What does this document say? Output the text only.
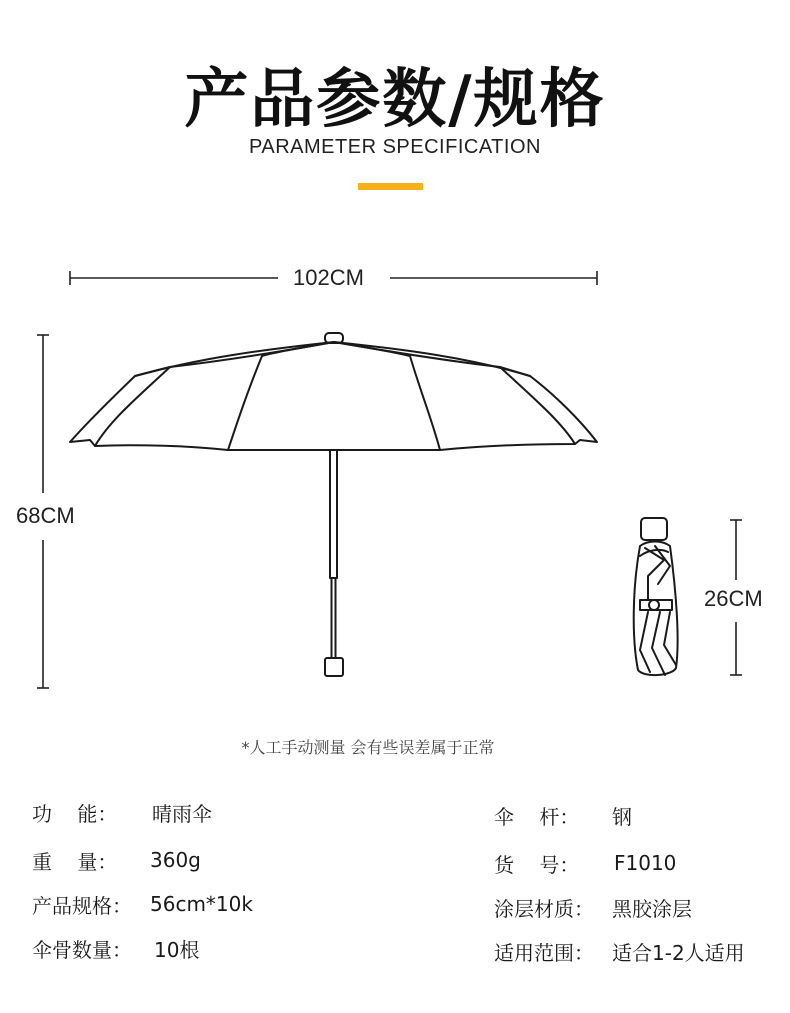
产品参数/规格
PARAMETER SPECIFICATION
102CM
68CM
26CM
*人工手动测量 会有些误差属于正常
功    能：	晴雨伞
重    量：	360g
产品规格： 56cm*10k
伞骨数量：	10根
伞    杆：	钢
货    号：	F1010
涂层材质： 黑胶涂层
适用范围： 适合1-2人适用
